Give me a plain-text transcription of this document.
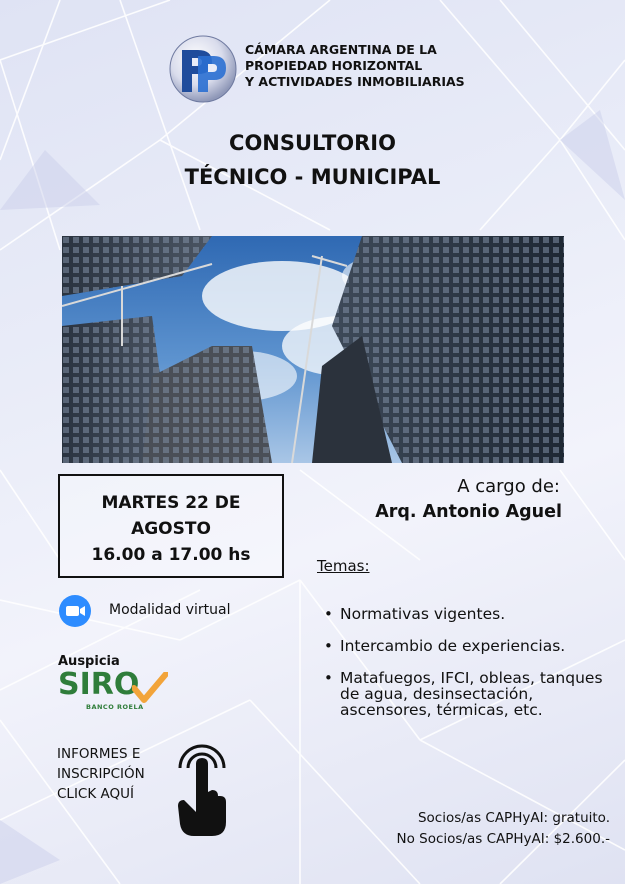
CÁMARA ARGENTINA DE LA
PROPIEDAD HORIZONTAL
Y ACTIVIDADES INMOBILIARIAS
CONSULTORIO
TÉCNICO - MUNICIPAL
MARTES 22 DE
AGOSTO
16.00 a 17.00 hs
A cargo de:
Arq. Antonio Aguel
Modalidad virtual
Temas:
• Normativas vigentes.
• Intercambio de experiencias.
• Matafuegos, IFCI, obleas, tanques de agua, desinsectación, ascensores, térmicas, etc.
Auspicia
SIRO
BANCO ROELA
INFORMES E
INSCRIPCIÓN
CLICK AQUÍ
Socios/as CAPHyAI: gratuito.
No Socios/as CAPHyAI: $2.600.-
